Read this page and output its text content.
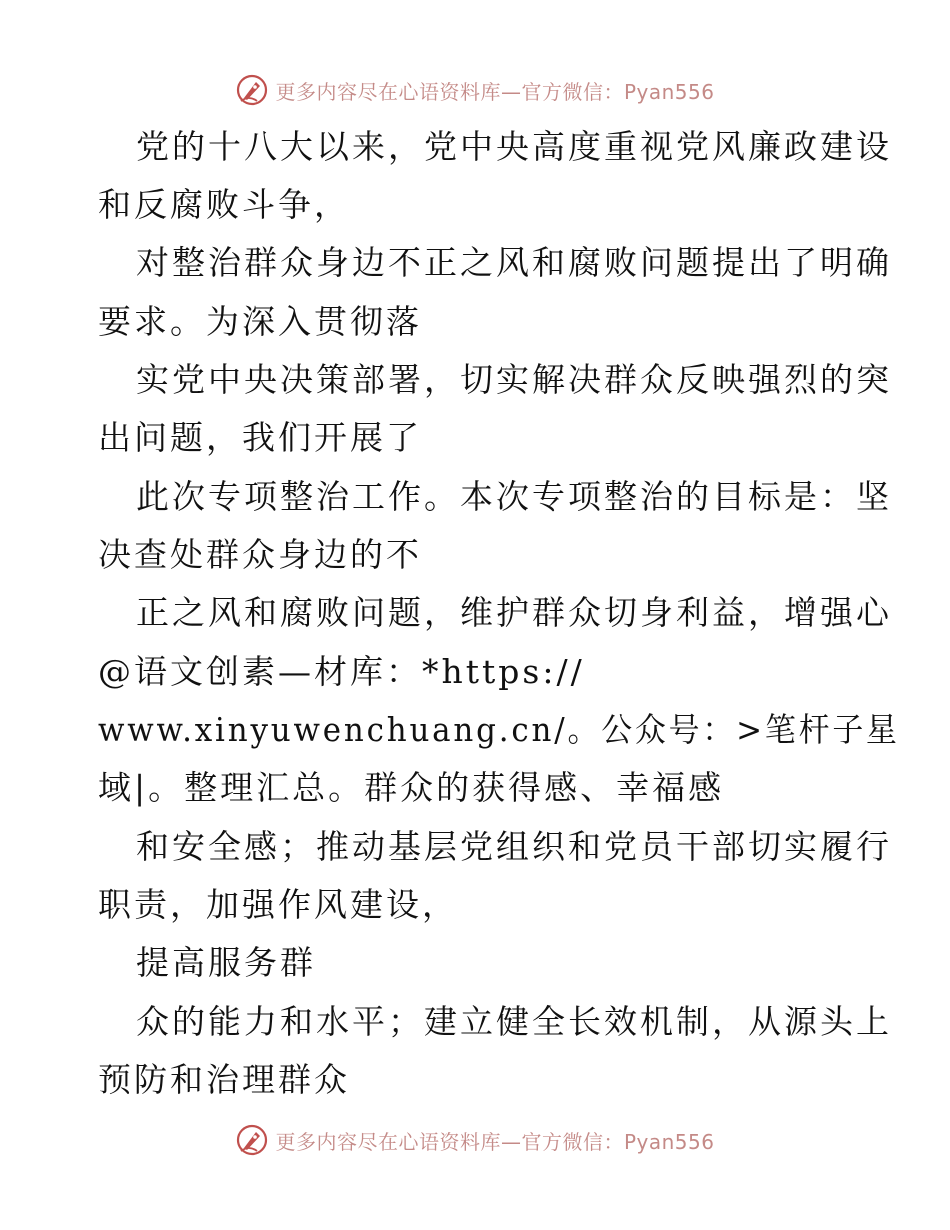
更多内容尽在心语资料库—官方微信：Pyan556
党的十八大以来，党中央高度重视党风廉政建设
和反腐败斗争，
对整治群众身边不正之风和腐败问题提出了明确
要求。为深入贯彻落
实党中央决策部署，切实解决群众反映强烈的突
出问题，我们开展了
此次专项整治工作。本次专项整治的目标是：坚
决查处群众身边的不
正之风和腐败问题，维护群众切身利益，增强心
@语文创素—材库：*https://
www.xinyuwenchuang.cn/。公众号：>笔杆子星
域|。整理汇总。群众的获得感、幸福感
和安全感；推动基层党组织和党员干部切实履行
职责，加强作风建设，
提高服务群
众的能力和水平；建立健全长效机制，从源头上
预防和治理群众
更多内容尽在心语资料库—官方微信：Pyan556
